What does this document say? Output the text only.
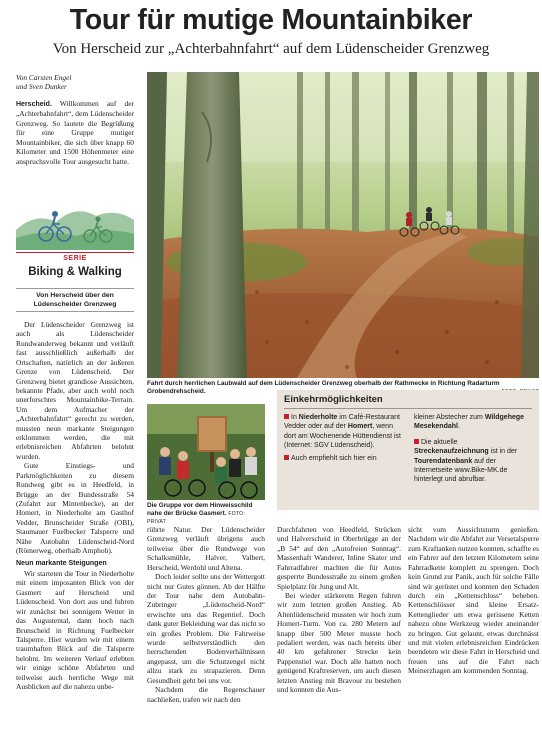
Tour für mutige Mountainbiker
Von Herscheid zur „Achterbahnfahrt“ auf dem Lüdenscheider Grenzweg
Von Carsten Engel
und Sven Dunker

Herscheid. Willkommen auf der „Achterbahnfahrt“, dem Lüdenscheider Grenzweg. So lautete die Begrüßung für eine Gruppe mutiger Mountainbiker, die sich über knapp 60 Kilometer und 1500 Höhenmeter eine anspruchsvolle Tour ausgesucht hatte.

SERIE
Biking & Walking
Von Herscheid über den Lüdenscheider Grenzweg

Der Lüdenscheider Grenzweg ist auch als Lüdenscheider Rundwanderweg bekannt und verläuft fast ausschließlich außerhalb der Ortschaften, natürlich an der äußeren Grenze von Lüdenscheid. Der Grenzweg bietet grandiose Aussichten, bekannte Pfade, aber auch wohl noch unerforschtes Mountainbike-Terrain. Um dem Aufmacher der „Achterbahnfahrt“ gerecht zu werden, mussten neun markante Steigungen erklommen werden, die mit erlebnisreichen Abfahrten belohnt wurden.

Gute Einstiegs- und Parkmöglichkeiten zu diesem Rundweg gibt es in Heedfeld, in Brügge an der Bundesstraße 54 (Zufahrt zur Mintenbecke), an der Homert, in Niederholte am Gasthof Vedder, Brunscheider Straße (OBI), Staumauer Fuelbecker Talsperre und Nähe Autobahn Lüdenscheid-Nord (Römerweg, oberhalb Amphob).

Neun markante Steigungen

Wir starteten die Tour in Niederholte mit einem imposanten Blick von der Gasmert auf Herscheid und Lüdenscheid. Von dort aus und fuhren wir zunächst bei sonnigem Wetter in das Augustental, dann hoch nach Brunscheid in Richtung Fuelbecker Talsperre. Hier wurden wir mit einem traumhaften Blick auf die Talsperre belohnt. Im weiteren Verlauf erlebten wir einige schöne Abfahrten und teilweise auch herrliche Wege mit Ausblicken auf die nahezu unbe-

Fahrt durch herrlichen Laubwald auf dem Lüdenscheider Grenzweg oberhalb der Rathmecke in Richtung Radarturm Grobendrehscheid.
Die Gruppe vor dem Hinweisschild nahe der Brücke Gasmert. FOTO: PRIVAT
Einkehrmöglichkeiten
In Niederholte im Café-Restaurant Vedder oder auf der Homert, wenn dort am Wochenende Hüttendienst ist (Internet: SGV Lüdenscheid).
Auch empfiehlt sich hier ein
kleiner Abstecher zum Wildgehege Mesekendahl.
Die aktuelle Streckenaufzeichnung ist in der Tourendatenbank auf der Internetseite www.Bike-MK.de hinterlegt und abrufbar.

rührte Natur. Der Lüdenscheider Grenzweg verläuft übrigens auch teilweise über die Rundwege von Schalksmühle, Halver, Valbert, Herscheid, Werdohl und Altena.

Doch leider sollte uns der Wettergott nicht nur Gutes gönnen. Ab der Hälfte der Tour nahe dem Autobahn-Zubringer „Lüdenscheid-Nord“ erwischte uns das Regentief. Doch dank guter Bekleidung war das nicht so ein großes Problem. Die Fahrweise wurde selbstverständlich den herrschenden Bodenverhältnissen angepasst, um die Schutzengel nicht allzu stark zu strapazieren. Denn Gesundheit geht bei uns vor.

Nachdem die Regenschauer nachließen, trafen wir nach den

Durchfahrten von Heedfeld, Strücken und Halverscheid in Oberbrügge an der „B 54“ auf den „Autofreien Sonntag“. Massenhaft Wanderer, Inline Skater und Fahrradfahrer machten die für Autos gesperrte Bundesstraße zu einem großen Spielplatz für Jung und Alt.

Bei wieder stärkerem Regen fuhren wir zum letzten großen Anstieg. Ab Altenlüdenscheid mussten wir hoch zum Homert-Turm. Von ca. 280 Metern auf knapp über 500 Meter musste hoch pedaliert werden, was nach bereits über 40 km gefahrener Strecke kein Pappenstiel war. Doch alle hatten noch genügend Kraftreserven, um auch diesen letzten Anstieg mit Bravour zu bestehen und konnten die Aus-

sicht vom Aussichtsturm genießen. Nachdem wir die Abfahrt zur Versetalsperre zum Kraftanken nutzen konnten, schaffte es ein Fahrer auf den letzten Kilometern seine Fahrradkette komplett zu sprengen. Doch kein Grund zur Panik, auch für solche Fälle sind wir gerüstet und konnten den Schaden durch ein „Kettenschloss“ beheben. Kettenschlösser sind kleine Ersatz-Kettenglieder um etwa gerissene Ketten nahezu ohne Werkzeug wieder aneinander zu bringen. Gut gelaunt, etwas durchnässt und mit vielen erlebnisreichen Eindrücken beendeten wir diese Fahrt in Herscheid und freuen uns auf die Fahrt nach Meinerzhagen am kommenden Sonntag.
